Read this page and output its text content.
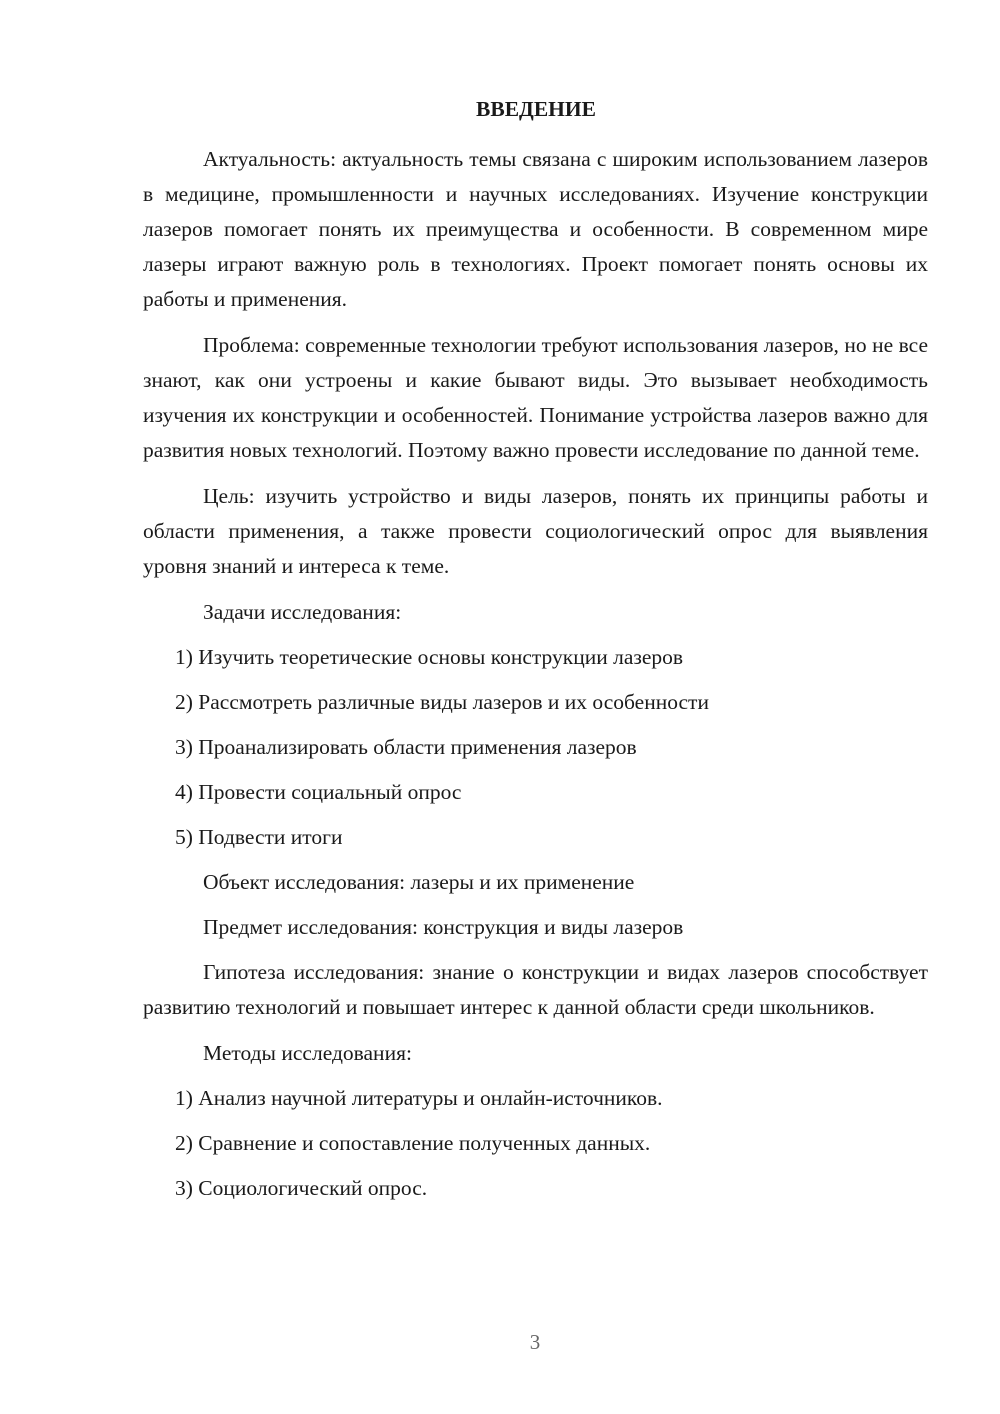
ВВЕДЕНИЕ

Актуальность: актуальность темы связана с широким использованием лазеров в медицине, промышленности и научных исследованиях. Изучение конструкции лазеров помогает понять их преимущества и особенности. В современном мире лазеры играют важную роль в технологиях. Проект помогает понять основы их работы и применения.

Проблема: современные технологии требуют использования лазеров, но не все знают, как они устроены и какие бывают виды. Это вызывает необходимость изучения их конструкции и особенностей. Понимание устройства лазеров важно для развития новых технологий. Поэтому важно провести исследование по данной теме.

Цель: изучить устройство и виды лазеров, понять их принципы работы и области применения, а также провести социологический опрос для выявления уровня знаний и интереса к теме.

Задачи исследования:
1) Изучить теоретические основы конструкции лазеров
2) Рассмотреть различные виды лазеров и их особенности
3) Проанализировать области применения лазеров
4) Провести социальный опрос
5) Подвести итоги
Объект исследования: лазеры и их применение
Предмет исследования: конструкция и виды лазеров

Гипотеза исследования: знание о конструкции и видах лазеров способствует развитию технологий и повышает интерес к данной области среди школьников.

Методы исследования:
1) Анализ научной литературы и онлайн-источников.
2) Сравнение и сопоставление полученных данных.
3) Социологический опрос.
3
